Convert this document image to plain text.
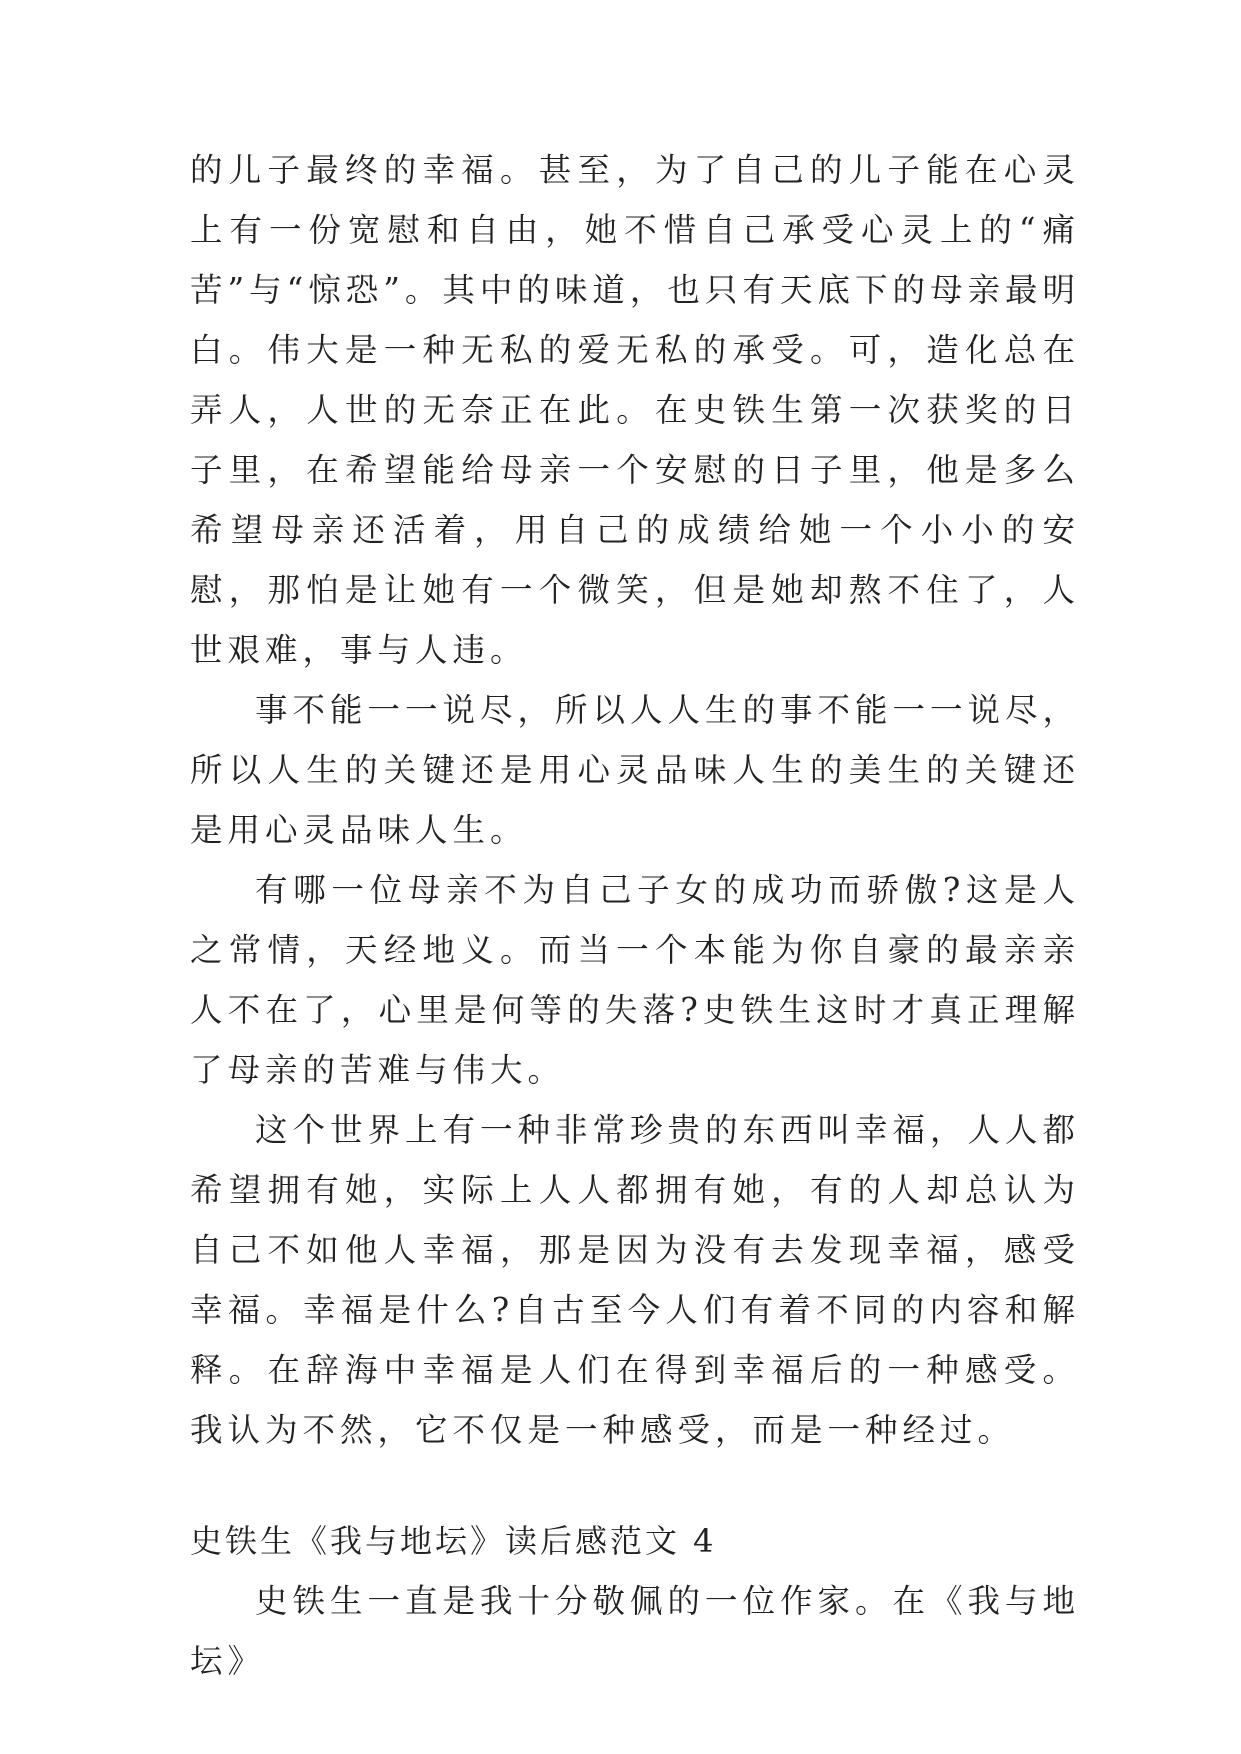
的儿子最终的幸福。甚至，为了自己的儿子能在心灵上有一份宽慰和自由，她不惜自己承受心灵上的“痛苦”与“惊恐”。其中的味道，也只有天底下的母亲最明白。伟大是一种无私的爱无私的承受。可，造化总在弄人，人世的无奈正在此。在史铁生第一次获奖的日子里，在希望能给母亲一个安慰的日子里，他是多么希望母亲还活着，用自己的成绩给她一个小小的安慰，那怕是让她有一个微笑，但是她却熬不住了，人世艰难，事与人违。

事不能一一说尽，所以人人生的事不能一一说尽，所以人生的关键还是用心灵品味人生的美生的关键还是用心灵品味人生。

有哪一位母亲不为自己子女的成功而骄傲?这是人之常情，天经地义。而当一个本能为你自豪的最亲亲人不在了，心里是何等的失落?史铁生这时才真正理解了母亲的苦难与伟大。

这个世界上有一种非常珍贵的东西叫幸福，人人都希望拥有她，实际上人人都拥有她，有的人却总认为自己不如他人幸福，那是因为没有去发现幸福，感受幸福。幸福是什么?自古至今人们有着不同的内容和解释。在辞海中幸福是人们在得到幸福后的一种感受。我认为不然，它不仅是一种感受，而是一种经过。

史铁生《我与地坛》读后感范文 4

史铁生一直是我十分敬佩的一位作家。在《我与地坛》
